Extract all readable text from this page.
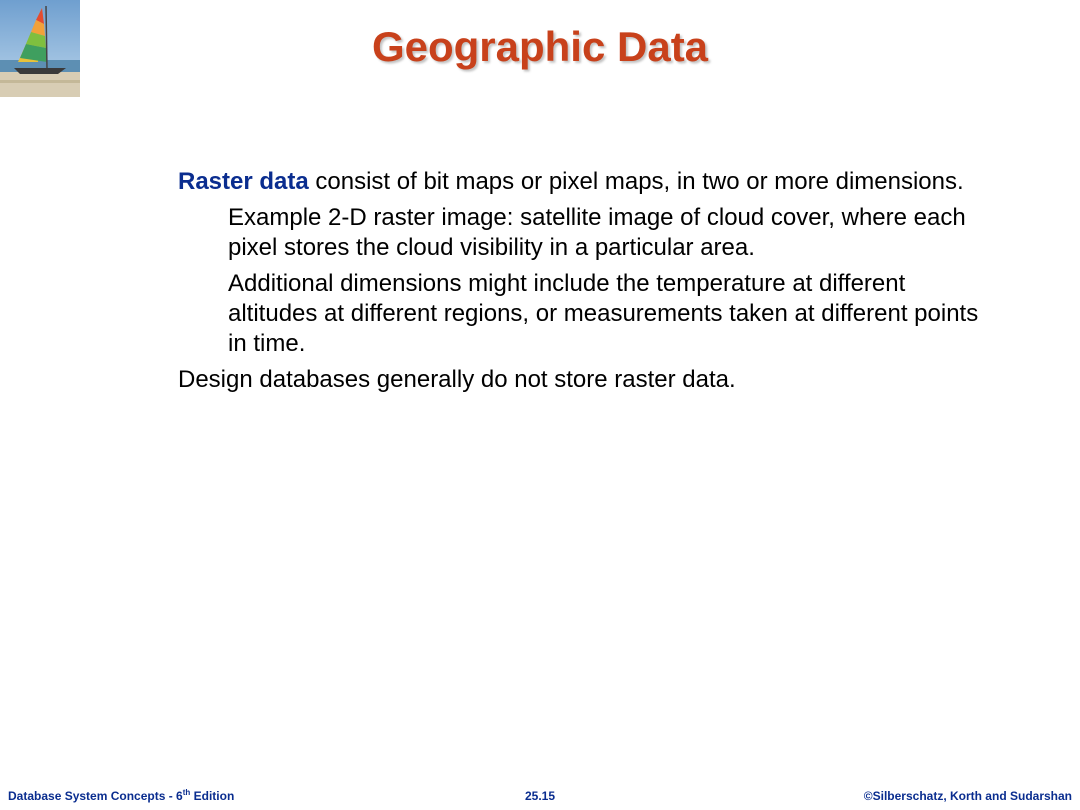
Geographic Data

Raster data consist of bit maps or pixel maps, in two or more dimensions.

Example 2-D raster image: satellite image of cloud cover, where each pixel stores the cloud visibility in a particular area.

Additional dimensions might include the temperature at different altitudes at different regions, or measurements taken at different points in time.

Design databases generally do not store raster data.

Database System Concepts - 6th Edition	25.15	©Silberschatz, Korth and Sudarshan
